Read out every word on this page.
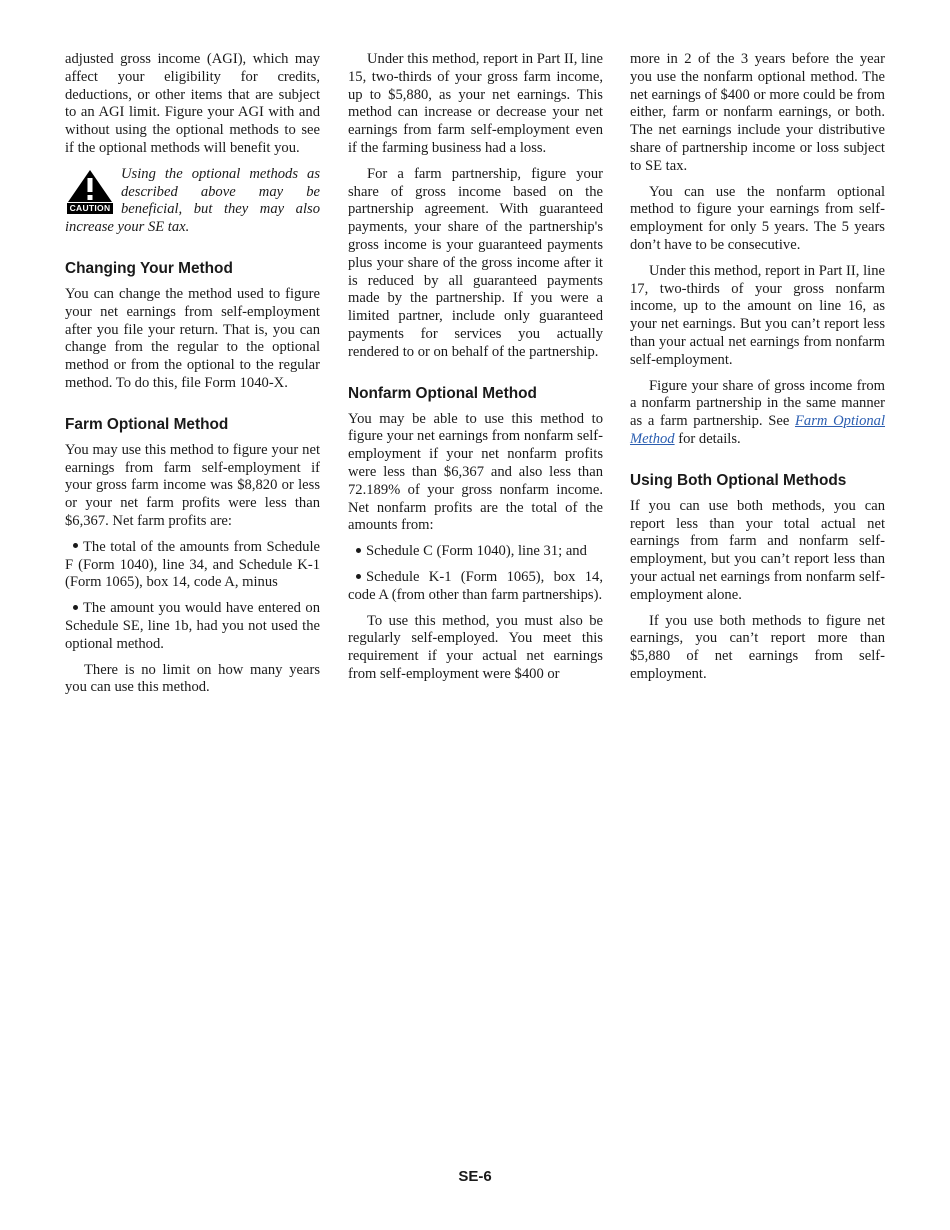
adjusted gross income (AGI), which may affect your eligibility for credits, deductions, or other items that are subject to an AGI limit. Figure your AGI with and without using the optional methods to see if the optional methods will benefit you.

CAUTION
Using the optional methods as described above may be beneficial, but they may also increase your SE tax.
Changing Your Method

You can change the method used to figure your net earnings from self-employment after you file your return. That is, you can change from the regular to the optional method or from the optional to the regular method. To do this, file Form 1040-X.

Farm Optional Method

You may use this method to figure your net earnings from farm self-employment if your gross farm income was $8,820 or less or your net farm profits were less than $6,367. Net farm profits are:

The total of the amounts from Schedule F (Form 1040), line 34, and Schedule K-1 (Form 1065), box 14, code A, minus

The amount you would have entered on Schedule SE, line 1b, had you not used the optional method.

There is no limit on how many years you can use this method.

Under this method, report in Part II, line 15, two-thirds of your gross farm income, up to $5,880, as your net earnings. This method can increase or decrease your net earnings from farm self-employment even if the farming business had a loss.

For a farm partnership, figure your share of gross income based on the partnership agreement. With guaranteed payments, your share of the partnership's gross income is your guaranteed payments plus your share of the gross income after it is reduced by all guaranteed payments made by the partnership. If you were a limited partner, include only guaranteed payments for services you actually rendered to or on behalf of the partnership.

Nonfarm Optional Method

You may be able to use this method to figure your net earnings from nonfarm self-employment if your net nonfarm profits were less than $6,367 and also less than 72.189% of your gross nonfarm income. Net nonfarm profits are the total of the amounts from:

Schedule C (Form 1040), line 31; and

Schedule K-1 (Form 1065), box 14, code A (from other than farm partnerships).

To use this method, you must also be regularly self-employed. You meet this requirement if your actual net earnings from self-employment were $400 or

more in 2 of the 3 years before the year you use the nonfarm optional method. The net earnings of $400 or more could be from either, farm or nonfarm earnings, or both. The net earnings include your distributive share of partnership income or loss subject to SE tax.

You can use the nonfarm optional method to figure your earnings from self-employment for only 5 years. The 5 years don’t have to be consecutive.

Under this method, report in Part II, line 17, two-thirds of your gross nonfarm income, up to the amount on line 16, as your net earnings. But you can’t report less than your actual net earnings from nonfarm self-employment.

Figure your share of gross income from a nonfarm partnership in the same manner as a farm partnership. See Farm Optional Method for details.

Using Both Optional Methods

If you can use both methods, you can report less than your total actual net earnings from farm and nonfarm self-employment, but you can’t report less than your actual net earnings from nonfarm self-employment alone.

If you use both methods to figure net earnings, you can’t report more than $5,880 of net earnings from self-employment.

SE-6
